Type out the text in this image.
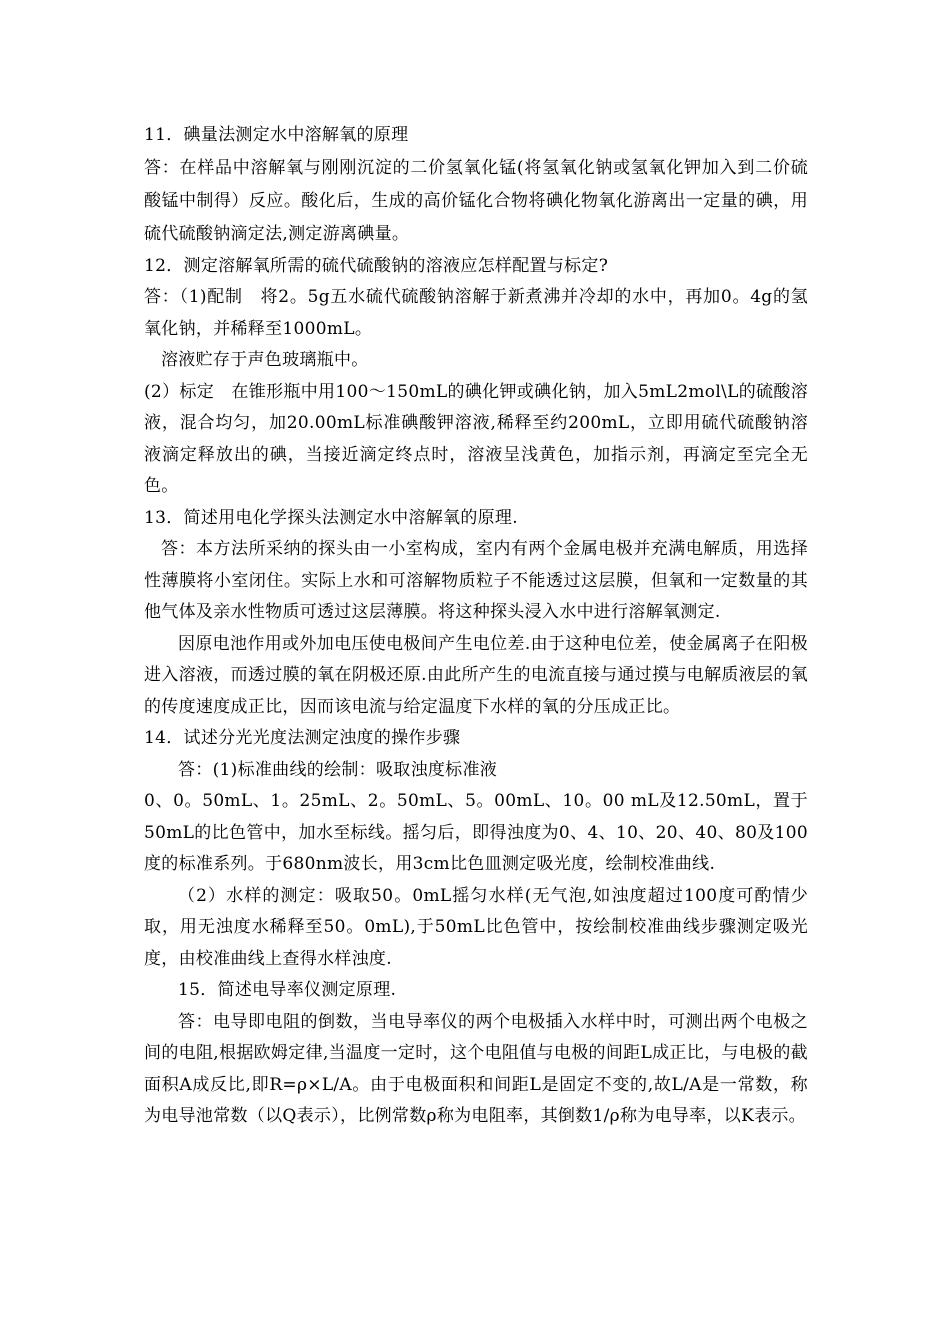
11．碘量法测定水中溶解氧的原理

答：在样品中溶解氧与刚刚沉淀的二价氢氧化锰(将氢氧化钠或氢氧化钾加入到二价硫酸锰中制得）反应。酸化后，生成的高价锰化合物将碘化物氧化游离出一定量的碘，用硫代硫酸钠滴定法,测定游离碘量。

12．测定溶解氧所需的硫代硫酸钠的溶液应怎样配置与标定?

答：（1)配制　将2。5g五水硫代硫酸钠溶解于新煮沸并冷却的水中，再加0。4g的氢氧化钠，并稀释至1000mL。

溶液贮存于声色玻璃瓶中。

(2）标定　在锥形瓶中用100～150mL的碘化钾或碘化钠，加入5mL2mol\L的硫酸溶液，混合均匀，加20.00mL标准碘酸钾溶液,稀释至约200mL，立即用硫代硫酸钠溶液滴定释放出的碘，当接近滴定终点时，溶液呈浅黄色，加指示剂，再滴定至完全无色。

13．简述用电化学探头法测定水中溶解氧的原理.

答：本方法所采纳的探头由一小室构成，室内有两个金属电极并充满电解质，用选择性薄膜将小室闭住。实际上水和可溶解物质粒子不能透过这层膜，但氧和一定数量的其他气体及亲水性物质可透过这层薄膜。将这种探头浸入水中进行溶解氧测定.

因原电池作用或外加电压使电极间产生电位差.由于这种电位差，使金属离子在阳极进入溶液，而透过膜的氧在阴极还原.由此所产生的电流直接与通过摸与电解质液层的氧的传度速度成正比，因而该电流与给定温度下水样的氧的分压成正比。

14．试述分光光度法测定浊度的操作步骤

答：(1)标准曲线的绘制：吸取浊度标准液

0、0。50mL、1。25mL、2。50mL、5。00mL、10。00 mL及12.50mL，置于50mL的比色管中，加水至标线。摇匀后，即得浊度为0、4、10、20、40、80及100度的标准系列。于680nm波长，用3cm比色皿测定吸光度，绘制校准曲线.

（2）水样的测定：吸取50。0mL摇匀水样(无气泡,如浊度超过100度可酌情少取，用无浊度水稀释至50。0mL),于50mL比色管中，按绘制校准曲线步骤测定吸光度，由校准曲线上查得水样浊度.

15．简述电导率仪测定原理.

答：电导即电阻的倒数，当电导率仪的两个电极插入水样中时，可测出两个电极之间的电阻,根据欧姆定律,当温度一定时，这个电阻值与电极的间距L成正比，与电极的截面积A成反比,即R=ρ×L/A。由于电极面积和间距L是固定不变的,故L/A是一常数，称为电导池常数（以Q表示），比例常数ρ称为电阻率，其倒数1/ρ称为电导率，以K表示。
